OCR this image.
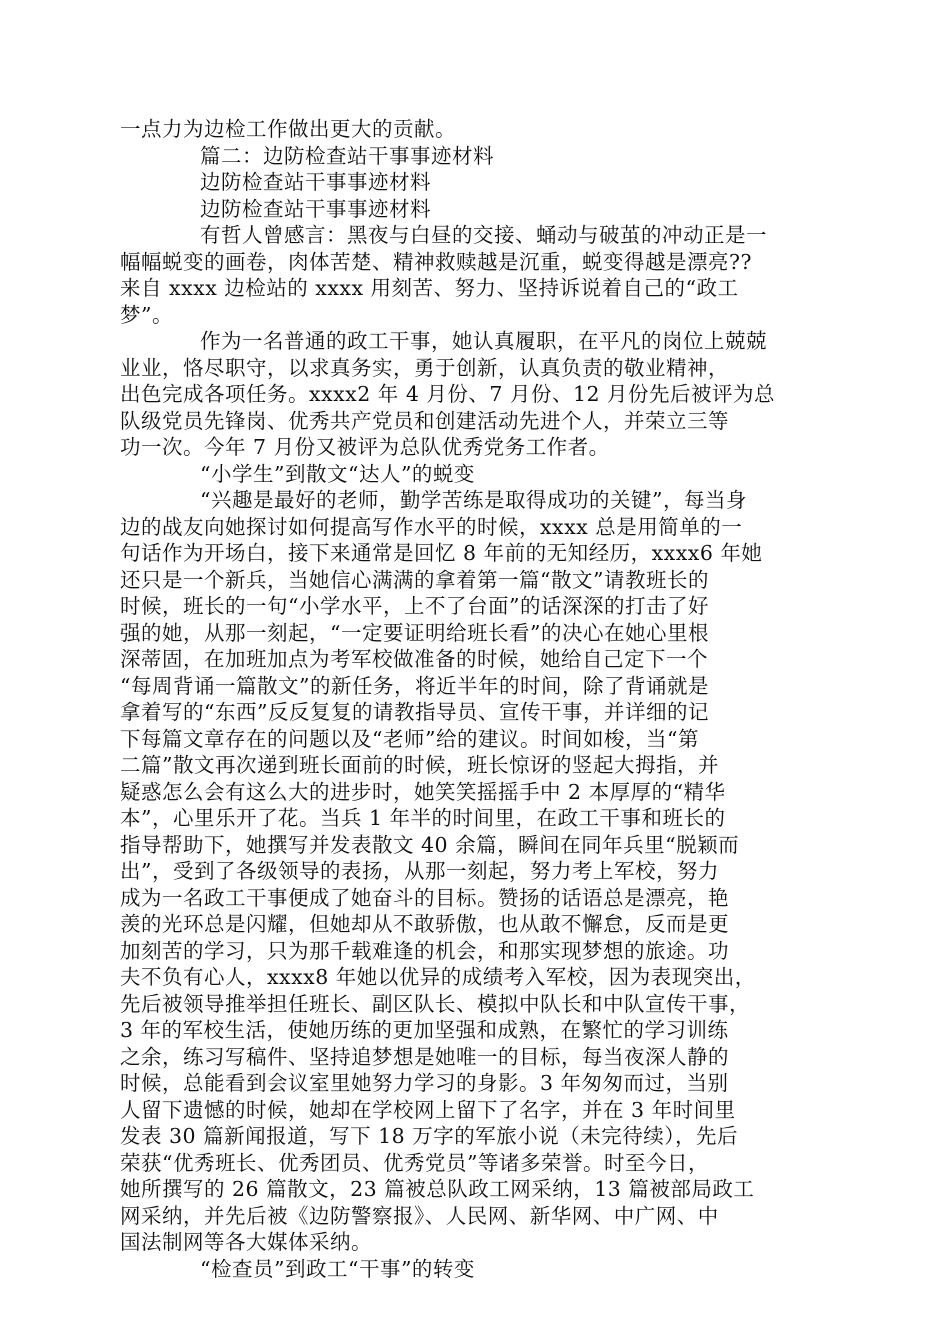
一点力为边检工作做出更大的贡献。
篇二：边防检查站干事事迹材料
边防检查站干事事迹材料
边防检查站干事事迹材料
有哲人曾感言：黑夜与白昼的交接、蛹动与破茧的冲动正是一
幅幅蜕变的画卷，肉体苦楚、精神救赎越是沉重，蜕变得越是漂亮??
来自 xxxx 边检站的 xxxx 用刻苦、努力、坚持诉说着自己的“政工
梦”。
作为一名普通的政工干事，她认真履职，在平凡的岗位上兢兢
业业，恪尽职守，以求真务实，勇于创新，认真负责的敬业精神，
出色完成各项任务。xxxx2 年 4 月份、7 月份、12 月份先后被评为总
队级党员先锋岗、优秀共产党员和创建活动先进个人，并荣立三等
功一次。今年 7 月份又被评为总队优秀党务工作者。
“小学生”到散文“达人”的蜕变
“兴趣是最好的老师，勤学苦练是取得成功的关键”，每当身
边的战友向她探讨如何提高写作水平的时候，xxxx 总是用简单的一
句话作为开场白，接下来通常是回忆 8 年前的无知经历，xxxx6 年她
还只是一个新兵，当她信心满满的拿着第一篇“散文”请教班长的
时候，班长的一句“小学水平，上不了台面”的话深深的打击了好
强的她，从那一刻起，“一定要证明给班长看”的决心在她心里根
深蒂固，在加班加点为考军校做准备的时候，她给自己定下一个
“每周背诵一篇散文”的新任务，将近半年的时间，除了背诵就是
拿着写的“东西”反反复复的请教指导员、宣传干事，并详细的记
下每篇文章存在的问题以及“老师”给的建议。时间如梭，当“第
二篇”散文再次递到班长面前的时候，班长惊讶的竖起大拇指，并
疑惑怎么会有这么大的进步时，她笑笑摇摇手中 2 本厚厚的“精华
本”，心里乐开了花。当兵 1 年半的时间里，在政工干事和班长的
指导帮助下，她撰写并发表散文 40 余篇，瞬间在同年兵里“脱颖而
出”，受到了各级领导的表扬，从那一刻起，努力考上军校，努力
成为一名政工干事便成了她奋斗的目标。赞扬的话语总是漂亮，艳
羡的光环总是闪耀，但她却从不敢骄傲，也从敢不懈怠，反而是更
加刻苦的学习，只为那千载难逢的机会，和那实现梦想的旅途。功
夫不负有心人，xxxx8 年她以优异的成绩考入军校，因为表现突出，
先后被领导推举担任班长、副区队长、模拟中队长和中队宣传干事，
3 年的军校生活，使她历练的更加坚强和成熟，在繁忙的学习训练
之余，练习写稿件、坚持追梦想是她唯一的目标，每当夜深人静的
时候，总能看到会议室里她努力学习的身影。3 年匆匆而过，当别
人留下遗憾的时候，她却在学校网上留下了名字，并在 3 年时间里
发表 30 篇新闻报道，写下 18 万字的军旅小说（未完待续），先后
荣获“优秀班长、优秀团员、优秀党员”等诸多荣誉。时至今日，
她所撰写的 26 篇散文，23 篇被总队政工网采纳，13 篇被部局政工
网采纳，并先后被《边防警察报》、人民网、新华网、中广网、中
国法制网等各大媒体采纳。
“检查员”到政工“干事”的转变
